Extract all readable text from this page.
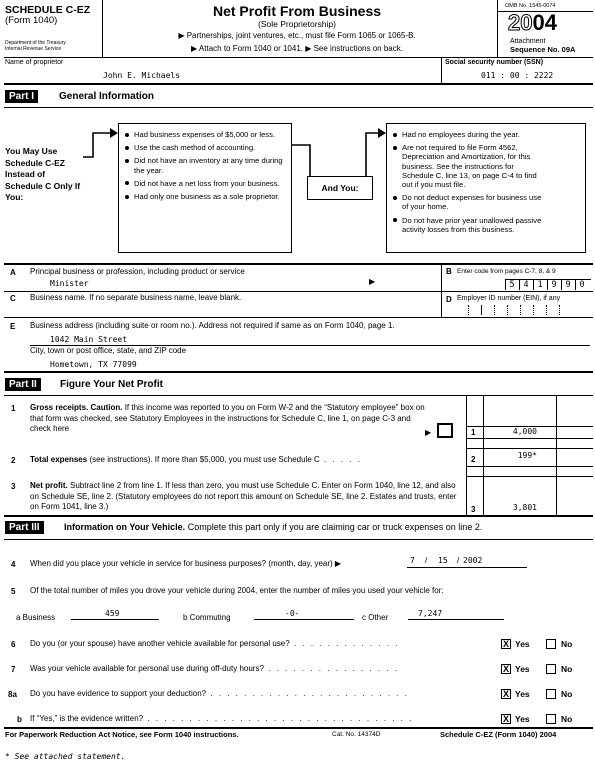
SCHEDULE C-EZ
(Form 1040)
Department of the Treasury
Internal Revenue Service
Net Profit From Business
(Sole Proprietorship)
▶ Partnerships, joint ventures, etc., must file Form 1065 or 1065-B.
▶ Attach to Form 1040 or 1041. ▶ See instructions on back.
OMB No. 1545-0074
2004
Attachment
Sequence No. 09A
Name of proprietor
John E. Michaels
Social security number (SSN)
011 : 00 : 2222
Part I	General Information
You May Use Schedule C-EZ Instead of Schedule C Only If You:
Had business expenses of $5,000 or less.
Use the cash method of accounting.
Did not have an inventory at any time during the year.
Did not have a net loss from your business.
Had only one business as a sole proprietor.
And You:
Had no employees during the year.
Are not required to file Form 4562, Depreciation and Amortization, for this business. See the instructions for Schedule C, line 13, on page C-4 to find out if you must file.
Do not deduct expenses for business use of your home.
Do not have prior year unallowed passive activity losses from this business.
A Principal business or profession, including product or service
Minister	▶
B Enter code from pages C-7, 8, & 9
5	4	1	9	9	0
C Business name. If no separate business name, leave blank.	D Employer ID number (EIN), if any
E Business address (including suite or room no.). Address not required if same as on Form 1040, page 1.
1042 Main Street
City, town or post office, state, and ZIP code
Hometown, TX 77099
Part II	Figure Your Net Profit
1 Gross receipts. Caution. If this income was reported to you on Form W-2 and the “Statutory employee” box on that form was checked, see Statutory Employees in the instructions for Schedule C, line 1, on page C-3 and check here	▶	1	4,000
2 Total expenses (see instructions). If more than $5,000, you must use Schedule C . . . . .	2	199*
3 Net profit. Subtract line 2 from line 1. If less than zero, you must use Schedule C. Enter on Form 1040, line 12, and also on Schedule SE, line 2. (Statutory employees do not report this amount on Schedule SE, line 2. Estates and trusts, enter on Form 1041, line 3.)	3	3,801
Part III	Information on Your Vehicle. Complete this part only if you are claiming car or truck expenses on line 2.
4 When did you place your vehicle in service for business purposes? (month, day, year) ▶	7 / 15 / 2002
5 Of the total number of miles you drove your vehicle during 2004, enter the number of miles you used your vehicle for:
a Business	459	b Commuting	-0-	c Other	7,247
6 Do you (or your spouse) have another vehicle available for personal use? . . . . . . . . . . . . .	X Yes	No
7 Was your vehicle available for personal use during off-duty hours? . . . . . . . . . . . . . . . .	X Yes	No
8a Do you have evidence to support your deduction? . . . . . . . . . . . . . . . . . . . . . . . .	X Yes	No
b If “Yes,” is the evidence written? . . . . . . . . . . . . . . . . . . . . . . . . . . . . . . . .	X Yes	No
For Paperwork Reduction Act Notice, see Form 1040 instructions.	Cat. No. 14374D	Schedule C-EZ (Form 1040) 2004
* See attached statement.
